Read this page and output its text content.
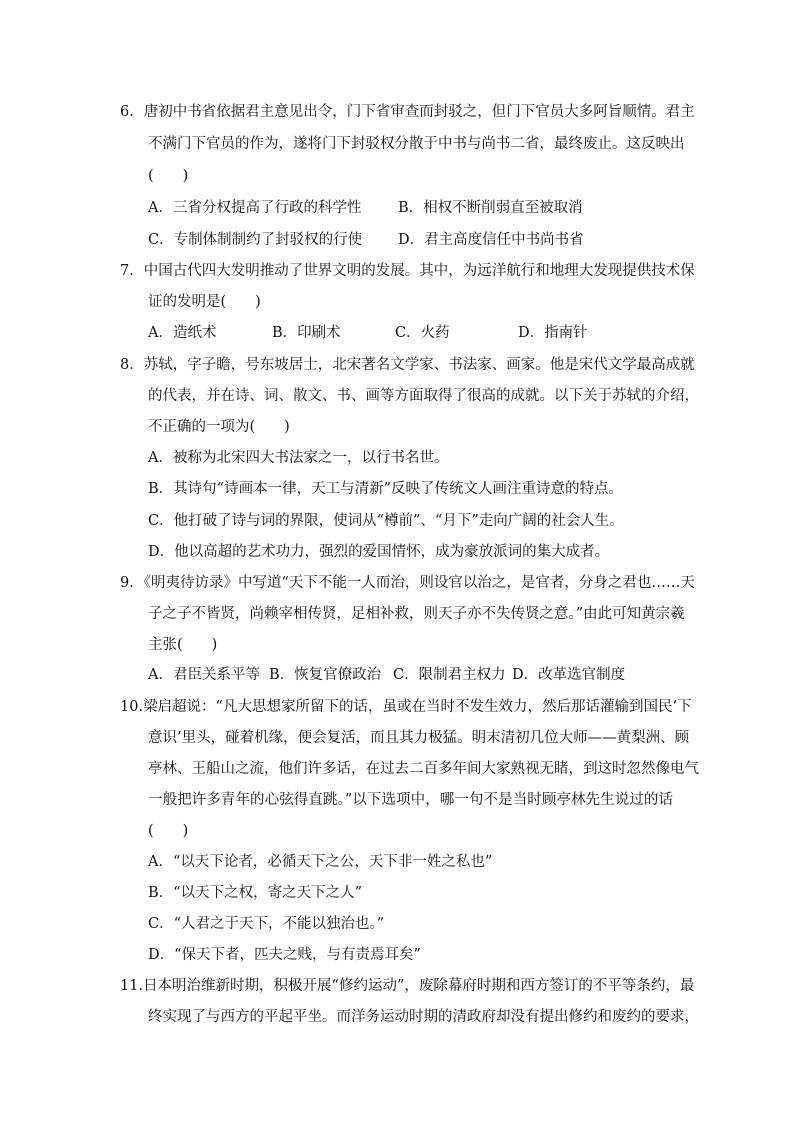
6．唐初中书省依据君主意见出令，门下省审查而封驳之，但门下官员大多阿旨顺情。君主
不满门下官员的作为，遂将门下封驳权分散于中书与尚书二省，最终废止。这反映出
(　　)
A．三省分权提高了行政的科学性	B．相权不断削弱直至被取消
C．专制体制制约了封驳权的行使 D．君主高度信任中书尚书省
7．中国古代四大发明推动了世界文明的发展。其中，为远洋航行和地理大发现提供技术保
证的发明是(　　)
A．造纸术	B．印刷术	C．火药	D．指南针
8．苏轼，字子瞻，号东坡居士，北宋著名文学家、书法家、画家。他是宋代文学最高成就
的代表，并在诗、词、散文、书、画等方面取得了很高的成就。以下关于苏轼的介绍，
不正确的一项为(　　)
A．被称为北宋四大书法家之一，以行书名世。
B．其诗句“诗画本一律，天工与清新”反映了传统文人画注重诗意的特点。
C．他打破了诗与词的界限，使词从“樽前”、“月下”走向广阔的社会人生。
D．他以高超的艺术功力，强烈的爱国情怀，成为豪放派词的集大成者。
9．《明夷待访录》中写道“天下不能一人而治，则设官以治之，是官者，分身之君也……天
子之子不皆贤，尚赖宰相传贤，足相补救，则天子亦不失传贤之意。”由此可知黄宗羲
主张(　　)
A．君臣关系平等 B．恢复官僚政治 C．限制君主权力 D．改革选官制度
10.梁启超说：“凡大思想家所留下的话，虽或在当时不发生效力，然后那话灌输到国民‘下
意识’里头，碰着机缘，便会复活，而且其力极猛。明末清初几位大师——黄梨洲、顾
亭林、王船山之流，他们许多话，在过去二百多年间大家熟视无睹，到这时忽然像电气
一般把许多青年的心弦得直跳。”以下选项中，哪一句不是当时顾亭林先生说过的话
(　　)
A．“以天下论者，必循天下之公，天下非一姓之私也”
B．“以天下之权，寄之天下之人”
C．“人君之于天下，不能以独治也。”
D．“保天下者，匹夫之贱，与有责焉耳矣”
11.日本明治维新时期，积极开展“修约运动”，废除幕府时期和西方签订的不平等条约，最
终实现了与西方的平起平坐。而洋务运动时期的清政府却没有提出修约和废约的要求，
